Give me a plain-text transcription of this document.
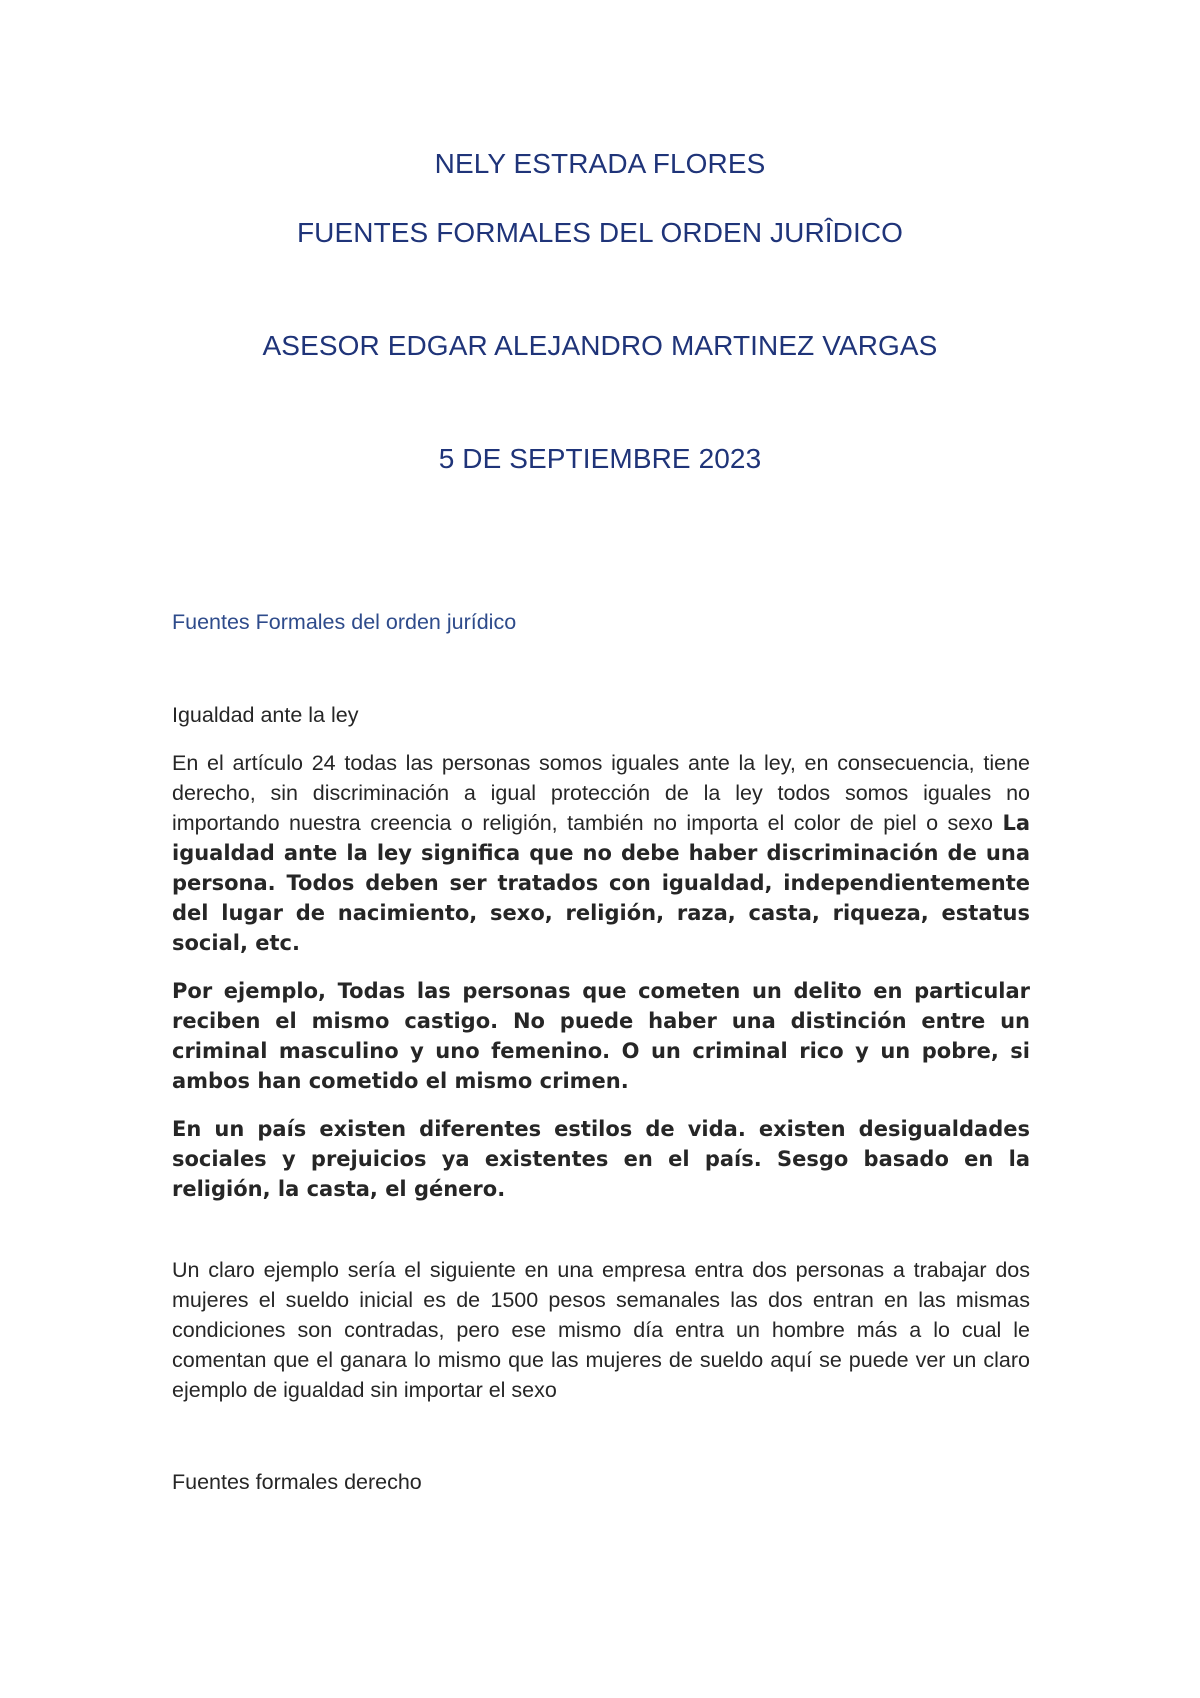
NELY ESTRADA FLORES
FUENTES FORMALES DEL ORDEN JURÎDICO
ASESOR EDGAR ALEJANDRO MARTINEZ VARGAS
5 DE SEPTIEMBRE 2023
Fuentes Formales del orden jurídico
Igualdad ante la ley

En el artículo 24 todas las personas somos iguales ante la ley, en consecuencia, tiene derecho, sin discriminación a igual protección de la ley todos somos iguales no importando nuestra creencia o religión, también no importa el color de piel o sexo La igualdad ante la ley significa que no debe haber discriminación de una persona. Todos deben ser tratados con igualdad, independientemente del lugar de nacimiento, sexo, religión, raza, casta, riqueza, estatus social, etc.

Por ejemplo, Todas las personas que cometen un delito en particular reciben el mismo castigo. No puede haber una distinción entre un criminal masculino y uno femenino. O un criminal rico y un pobre, si ambos han cometido el mismo crimen.

En un país existen diferentes estilos de vida. existen desigualdades sociales y prejuicios ya existentes en el país. Sesgo basado en la religión, la casta, el género.

Un claro ejemplo sería el siguiente en una empresa entra dos personas a trabajar dos mujeres el sueldo inicial es de 1500 pesos semanales las dos entran en las mismas condiciones son contradas, pero ese mismo día entra un hombre más a lo cual le comentan que el ganara lo mismo que las mujeres de sueldo aquí se puede ver un claro ejemplo de igualdad sin importar el sexo

Fuentes formales derecho
